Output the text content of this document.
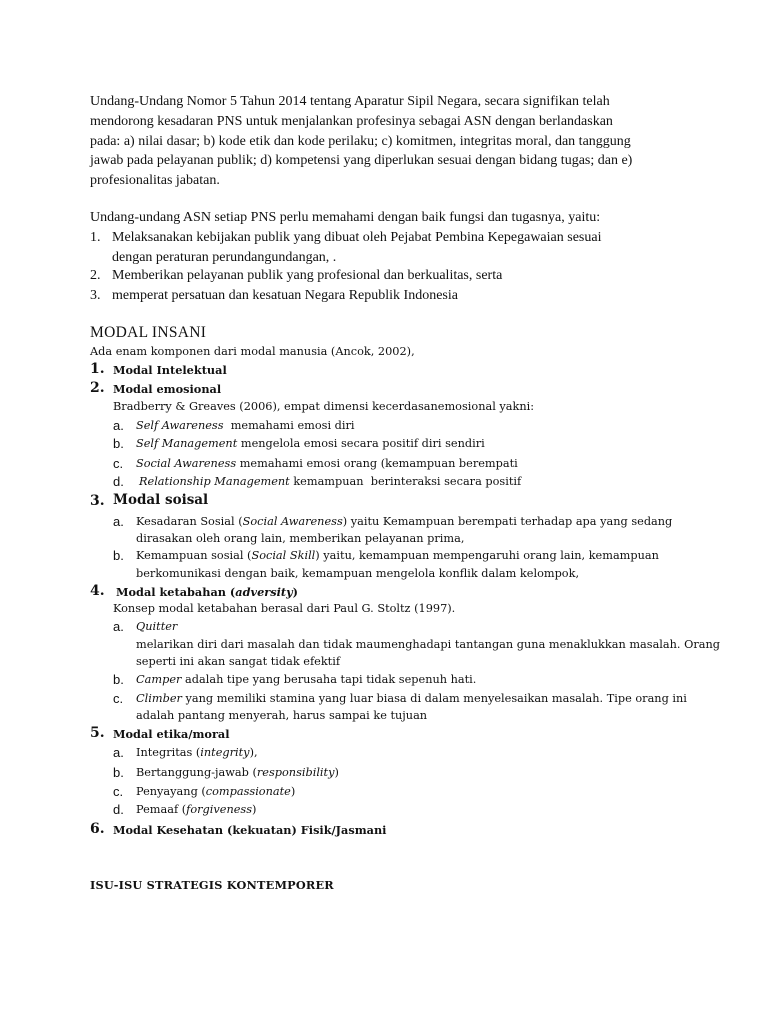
Undang-Undang Nomor 5 Tahun 2014 tentang Aparatur Sipil Negara, secara signifikan telah
mendorong kesadaran PNS untuk menjalankan profesinya sebagai ASN dengan berlandaskan
pada: a) nilai dasar; b) kode etik dan kode perilaku; c) komitmen, integritas moral, dan tanggung
jawab pada pelayanan publik; d) kompetensi yang diperlukan sesuai dengan bidang tugas; dan e)
profesionalitas jabatan.
Undang-undang ASN setiap PNS perlu memahami dengan baik fungsi dan tugasnya, yaitu:
1. Melaksanakan kebijakan publik yang dibuat oleh Pejabat Pembina Kepegawaian sesuai
dengan peraturan perundangundangan, .
2. Memberikan pelayanan publik yang profesional dan berkualitas, serta
3. memperat persatuan dan kesatuan Negara Republik Indonesia
MODAL INSANI
Ada enam komponen dari modal manusia (Ancok, 2002),
1. Modal Intelektual
2. Modal emosional
Bradberry & Greaves (2006), empat dimensi kecerdasanemosional yakni:
a. Self Awareness  memahami emosi diri
b. Self Management mengelola emosi secara positif diri sendiri
c. Social Awareness memahami emosi orang (kemampuan berempati
d. Relationship Management kemampuan  berinteraksi secara positif
3. Modal soisal
a. Kesadaran Sosial (Social Awareness) yaitu Kemampuan berempati terhadap apa yang sedang
dirasakan oleh orang lain, memberikan pelayanan prima,
b. Kemampuan sosial (Social Skill) yaitu, kemampuan mempengaruhi orang lain, kemampuan
berkomunikasi dengan baik, kemampuan mengelola konflik dalam kelompok,
4. Modal ketabahan (adversity)
Konsep modal ketabahan berasal dari Paul G. Stoltz (1997).
a. Quitter
melarikan diri dari masalah dan tidak maumenghadapi tantangan guna menaklukkan masalah. Orang
seperti ini akan sangat tidak efektif
b. Camper adalah tipe yang berusaha tapi tidak sepenuh hati.
c. Climber yang memiliki stamina yang luar biasa di dalam menyelesaikan masalah. Tipe orang ini
adalah pantang menyerah, harus sampai ke tujuan
5. Modal etika/moral
a. Integritas (integrity),
b. Bertanggung-jawab (responsibility)
c. Penyayang (compassionate)
d. Pemaaf (forgiveness)
6. Modal Kesehatan (kekuatan) Fisik/Jasmani
ISU-ISU STRATEGIS KONTEMPORER
